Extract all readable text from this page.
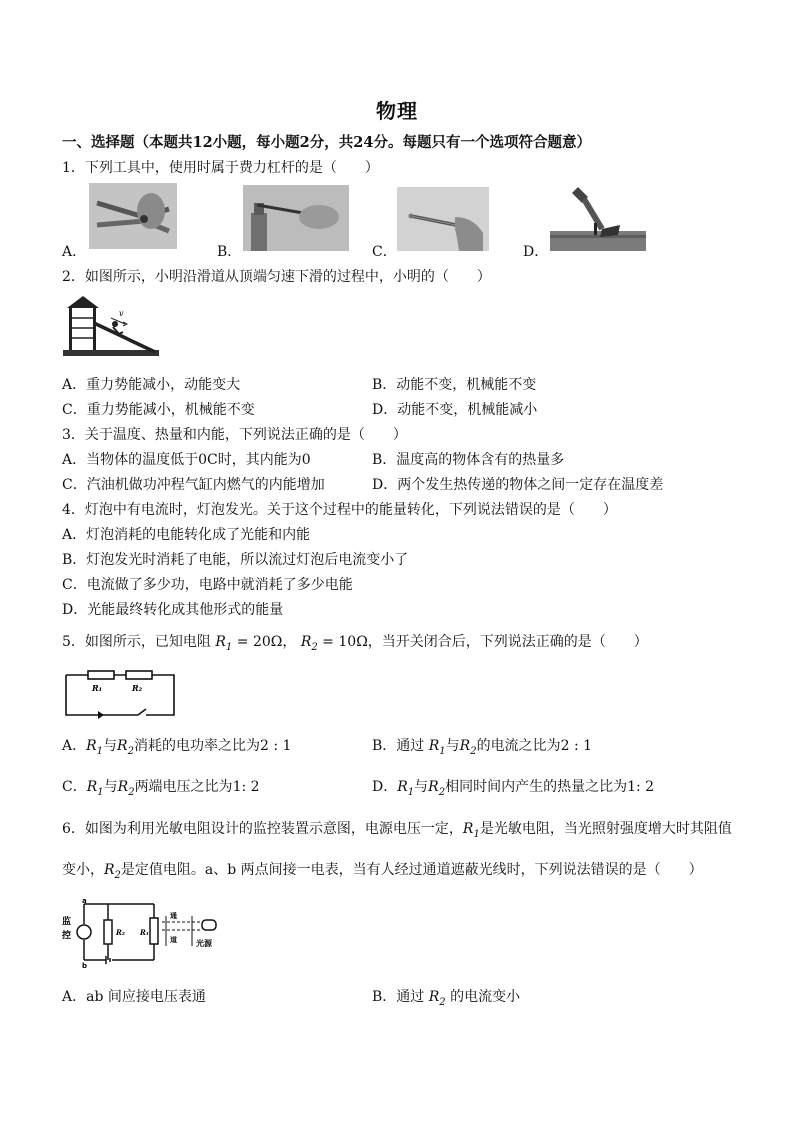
物理
一、选择题（本题共12小题，每小题2分，共24分。每题只有一个选项符合题意）
1．下列工具中，使用时属于费力杠杆的是（　　）
A．	B．	C．	D．
2．如图所示，小明沿滑道从顶端匀速下滑的过程中，小明的（　　）
v
A．重力势能减小，动能变大	B．动能不变，机械能不变
C．重力势能减小，机械能不变	D．动能不变，机械能减小
3．关于温度、热量和内能，下列说法正确的是（　　）
A．当物体的温度低于0C时，其内能为0	B．温度高的物体含有的热量多
C．汽油机做功冲程气缸内燃气的内能增加	D．两个发生热传递的物体之间一定存在温度差
4．灯泡中有电流时，灯泡发光。关于这个过程中的能量转化，下列说法错误的是（　　）
A．灯泡消耗的电能转化成了光能和内能
B．灯泡发光时消耗了电能，所以流过灯泡后电流变小了
C．电流做了多少功，电路中就消耗了多少电能
D．光能最终转化成其他形式的能量
5．如图所示，已知电阻 $R_1 = 20\Omega$， $R_2 = 10\Omega$，当开关闭合后，下列说法正确的是（　　）
R₁	R₂
A．$R_1$与$R_2$消耗的电功率之比为2 : 1	B．通过 $R_1$与$R_2$的电流之比为2 : 1
C．$R_1$与$R_2$两端电压之比为1: 2	D．$R_1$与$R_2$相同时间内产生的热量之比为1: 2
6．如图为利用光敏电阻设计的监控装置示意图，电源电压一定，$R_1$是光敏电阻，当光照射强度增大时其阻值
变小，$R_2$是定值电阻。a、b 两点间接一电表，当有人经过通道遮蔽光线时，下列说法错误的是（　　）
a
b
监
控	R₂ R₁
通
道 光源
A．ab 间应接电压表通	B．通过 $R_2$ 的电流变小
